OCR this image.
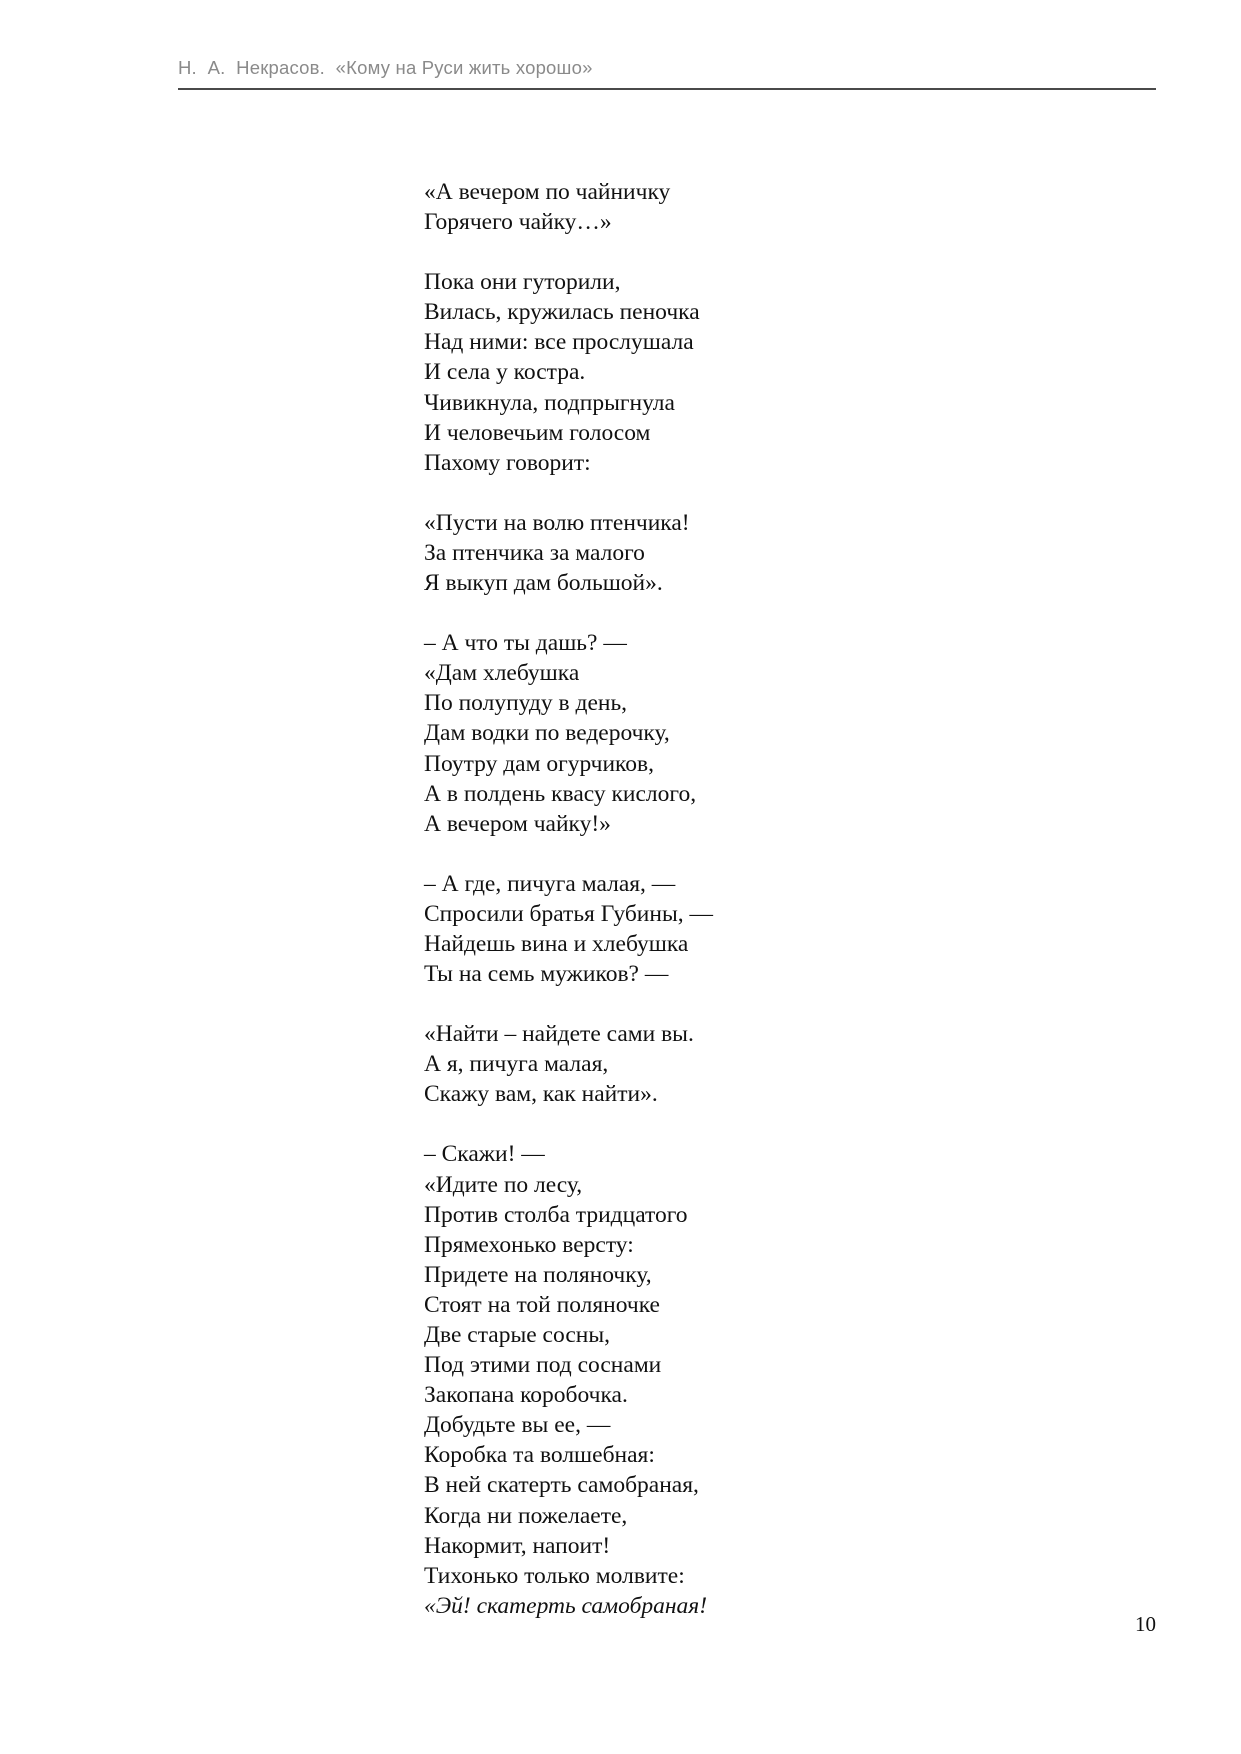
Н.  А.  Некрасов.  «Кому на Руси жить хорошо»
«А вечером по чайничку
Горячего чайку…»
Пока они гуторили,
Вилась, кружилась пеночка
Над ними: все прослушала
И села у костра.
Чивикнула, подпрыгнула
И человечьим голосом
Пахому говорит:
«Пусти на волю птенчика!
За птенчика за малого
Я выкуп дам большой».
– А что ты дашь? —
«Дам хлебушка
По полупуду в день,
Дам водки по ведерочку,
Поутру дам огурчиков,
А в полдень квасу кислого,
А вечером чайку!»
– А где, пичуга малая, —
Спросили братья Губины, —
Найдешь вина и хлебушка
Ты на семь мужиков? —
«Найти – найдете сами вы.
А я, пичуга малая,
Скажу вам, как найти».
– Скажи! —
«Идите по лесу,
Против столба тридцатого
Прямехонько версту:
Придете на поляночку,
Стоят на той поляночке
Две старые сосны,
Под этими под соснами
Закопана коробочка.
Добудьте вы ее, —
Коробка та волшебная:
В ней скатерть самобраная,
Когда ни пожелаете,
Накормит, напоит!
Тихонько только молвите:
«Эй! скатерть самобраная!
10
